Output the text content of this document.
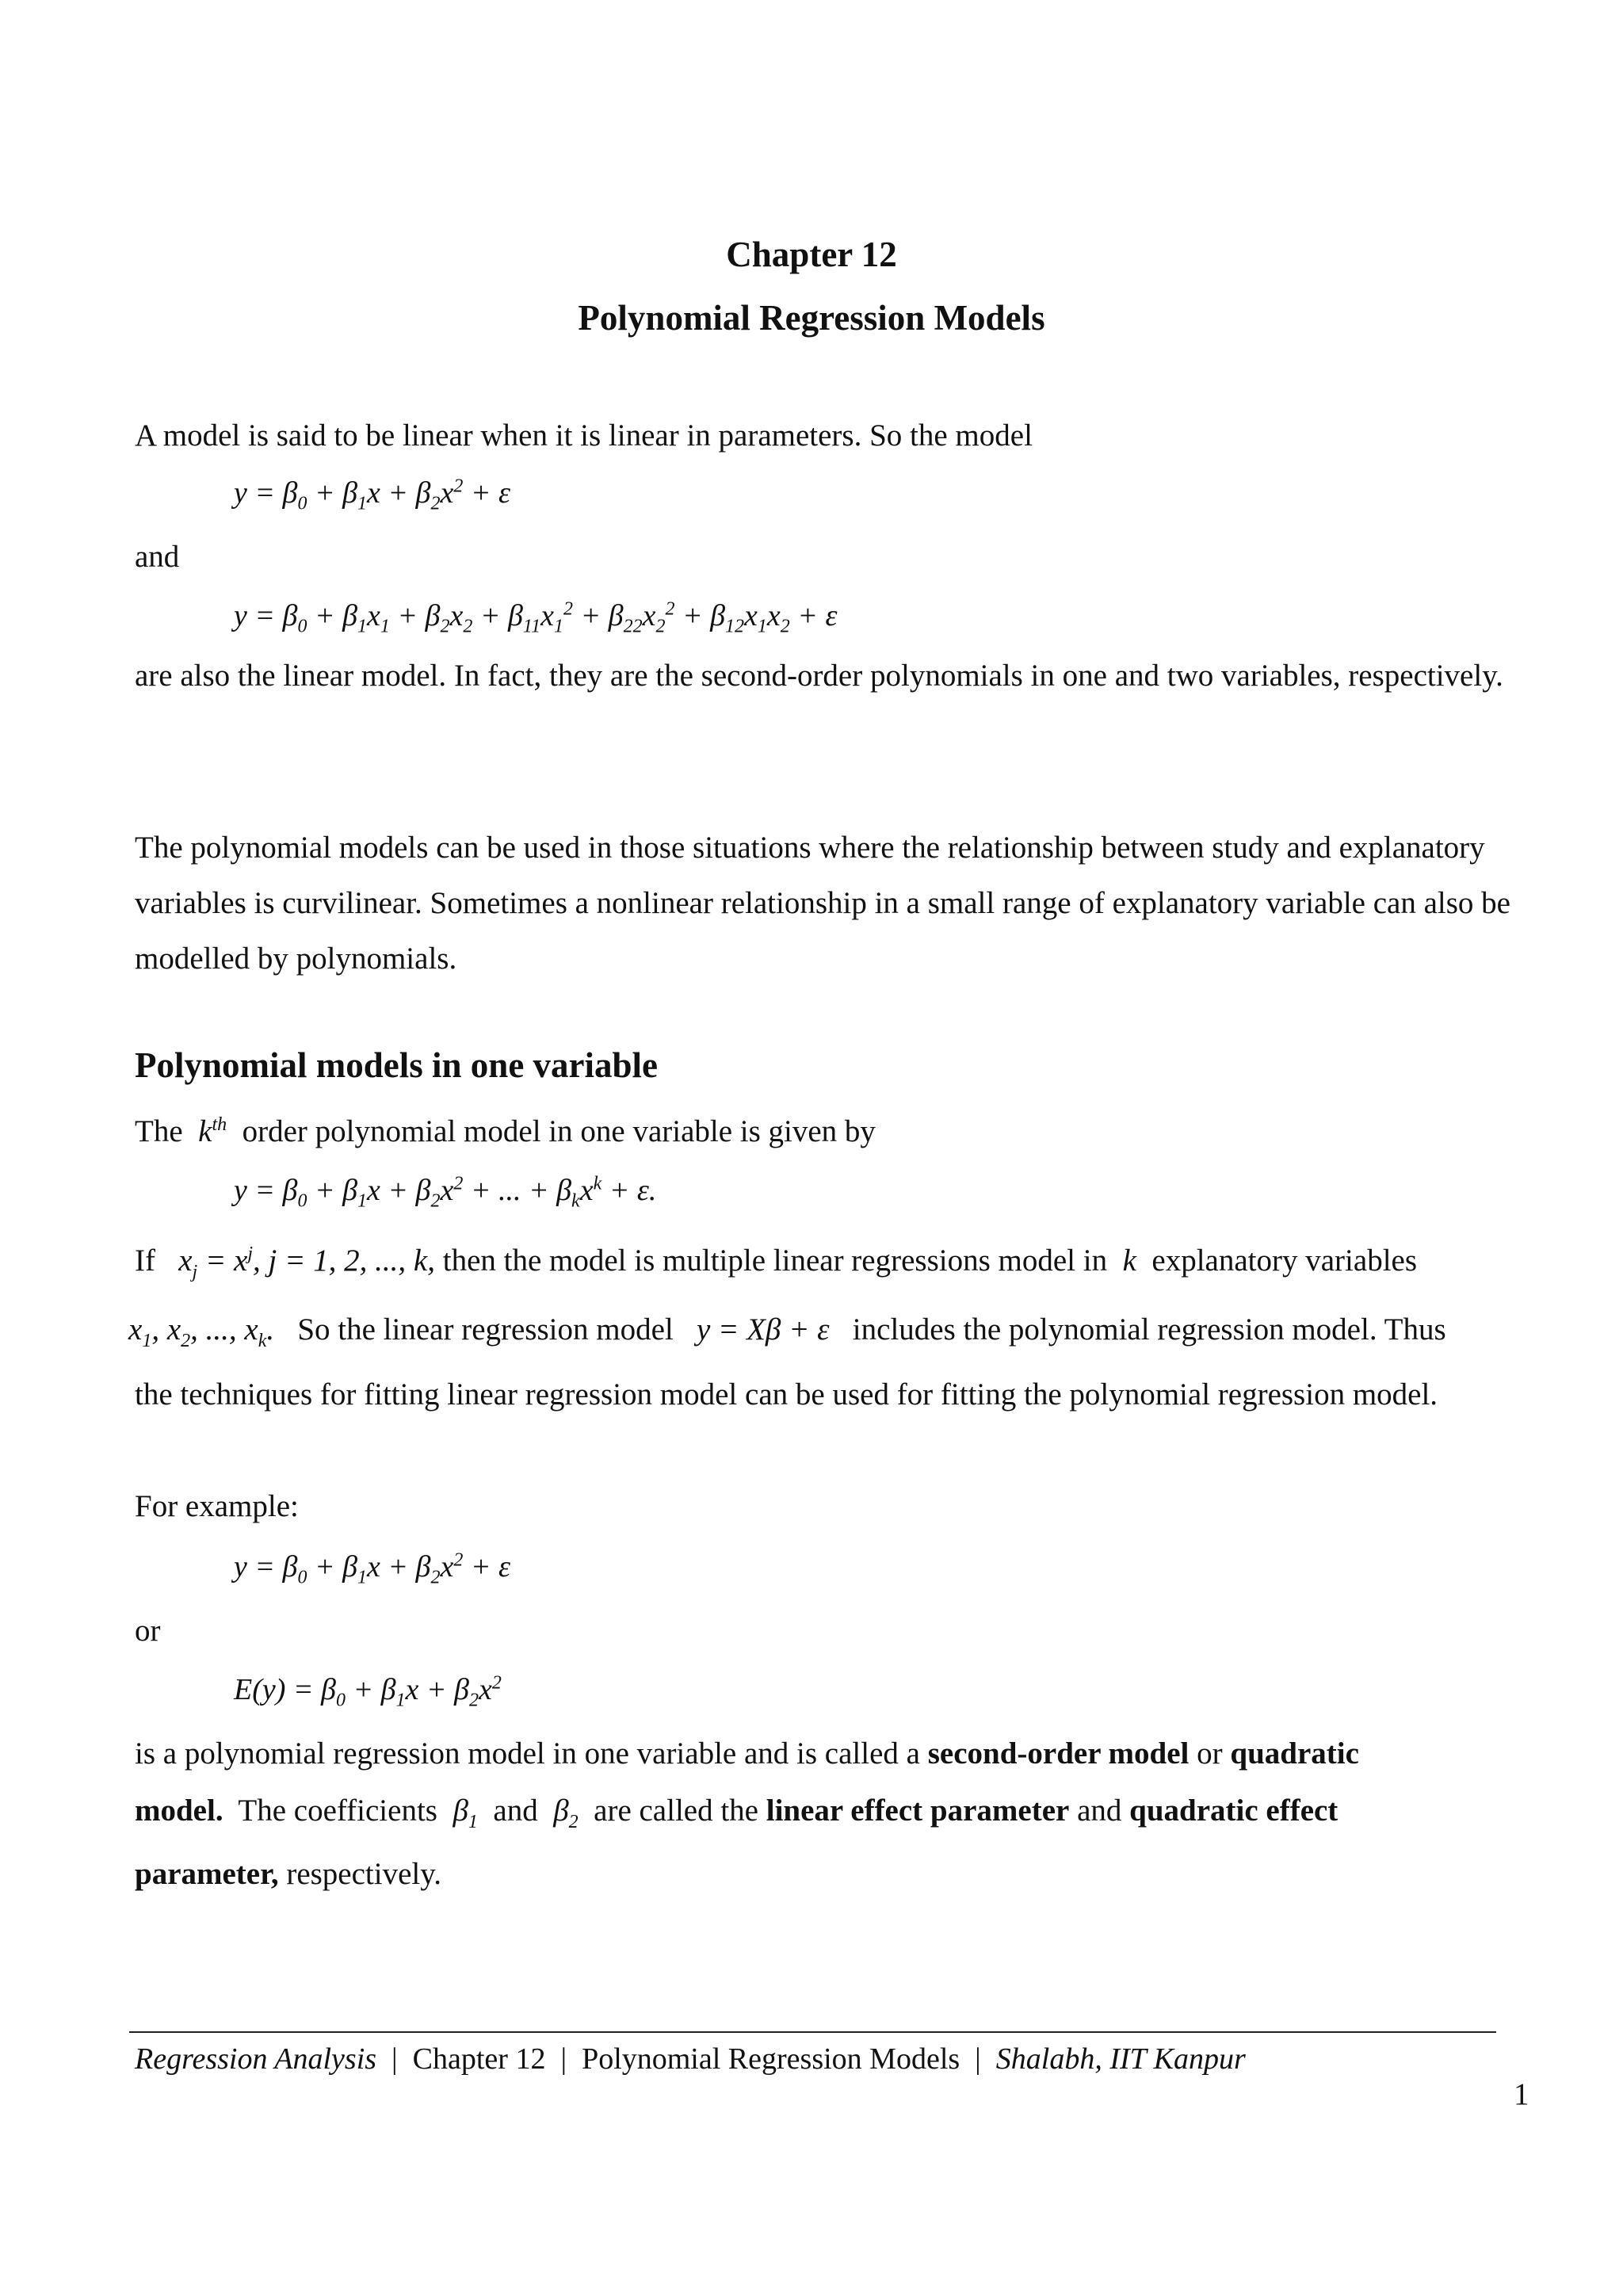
Chapter 12
Polynomial Regression Models
A model is said to be linear when it is linear in parameters. So the model
$y = \beta_0 + \beta_1x + \beta_2x^2 + \varepsilon$
and
$y = \beta_0 + \beta_1x_1 + \beta_2x_2 + \beta_{11}x_1^2 + \beta_{22}x_2^2 + \beta_{12}x_1x_2 + \varepsilon$
are also the linear model. In fact, they are the second-order polynomials in one and two variables, respectively.
The polynomial models can be used in those situations where the relationship between study and explanatory variables is curvilinear. Sometimes a nonlinear relationship in a small range of explanatory variable can also be modelled by polynomials.
Polynomial models in one variable
The  $k^{th}$ order polynomial model in one variable is given by
$y = \beta_0 + \beta_1x + \beta_2x^2$ + ... + $\beta_kx^k + \varepsilon$.
If   $x_j = x^j$, j = 1, 2, ..., k, then the model is multiple linear regressions model in  k  explanatory variables
$x_1$, $x_2$, ..., $x_k$.   So the linear regression model   y = Xβ + ε   includes the polynomial regression model. Thus
the techniques for fitting linear regression model can be used for fitting the polynomial regression model.
For example:
$y = \beta_0 + \beta_1x + \beta_2x^2 + \varepsilon$
or
$E(y) = \beta_0 + \beta_1x + \beta_2x^2$
is a polynomial regression model in one variable and is called a second-order model or quadratic
model. The coefficients  $\beta_1$ and  $\beta_2$ are called the linear effect parameter and quadratic effect
parameter, respectively.
Regression Analysis | Chapter 12 | Polynomial Regression Models | Shalabh, IIT Kanpur
1
